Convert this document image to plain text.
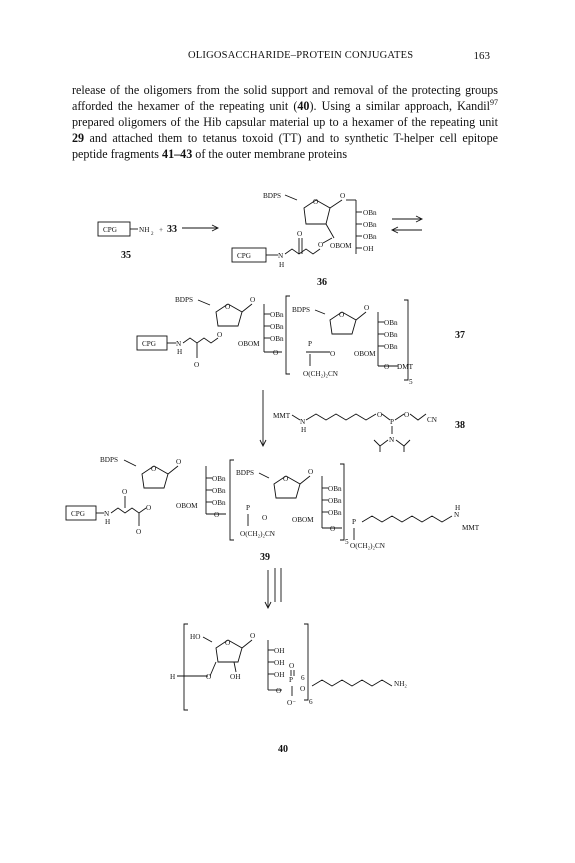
OLIGOSACCHARIDE–PROTEIN CONJUGATES	163

release of the oligomers from the solid support and removal of the protecting groups afforded the hexamer of the repeating unit (40). Using a similar approach, Kandil$^{97}$ prepared oligomers of the Hib capsular material up to a hexamer of the repeating unit 29 and attached them to tetanus toxoid (TT) and to synthetic T-helper cell epitope peptide fragments 41–43 of the outer membrane proteins

CPG	NH
2
+
35
33
CPG	N
H
O
O
BDPS
O
O
OBn
OBn
OBn
OH
OBOM
36
CPG	N
H
O
O
BDPS
O
O
OBn
OBn
OBn
OBOM
O
BDPS
O
O
OBn
OBn
OBn
OBOM
O DMT
P
O(CH₂)₂CN
O
5
37
MMT
N
H
O
P
O
CN
N
38
CPG	N
H
O
O
O
BDPS
O
O
OBn
OBn
OBn
OBOM
O
BDPS
O
O
OBn
OBn
OBn
OBOM
P
O(CH₂)₂CN
O
O
5
P
O(CH₂)₂CN
N
H
MMT
39
HO
O
O
OH
OH
OH
H	O	OH
O
P
O
O⁻
O
6
6
NH₂
40
